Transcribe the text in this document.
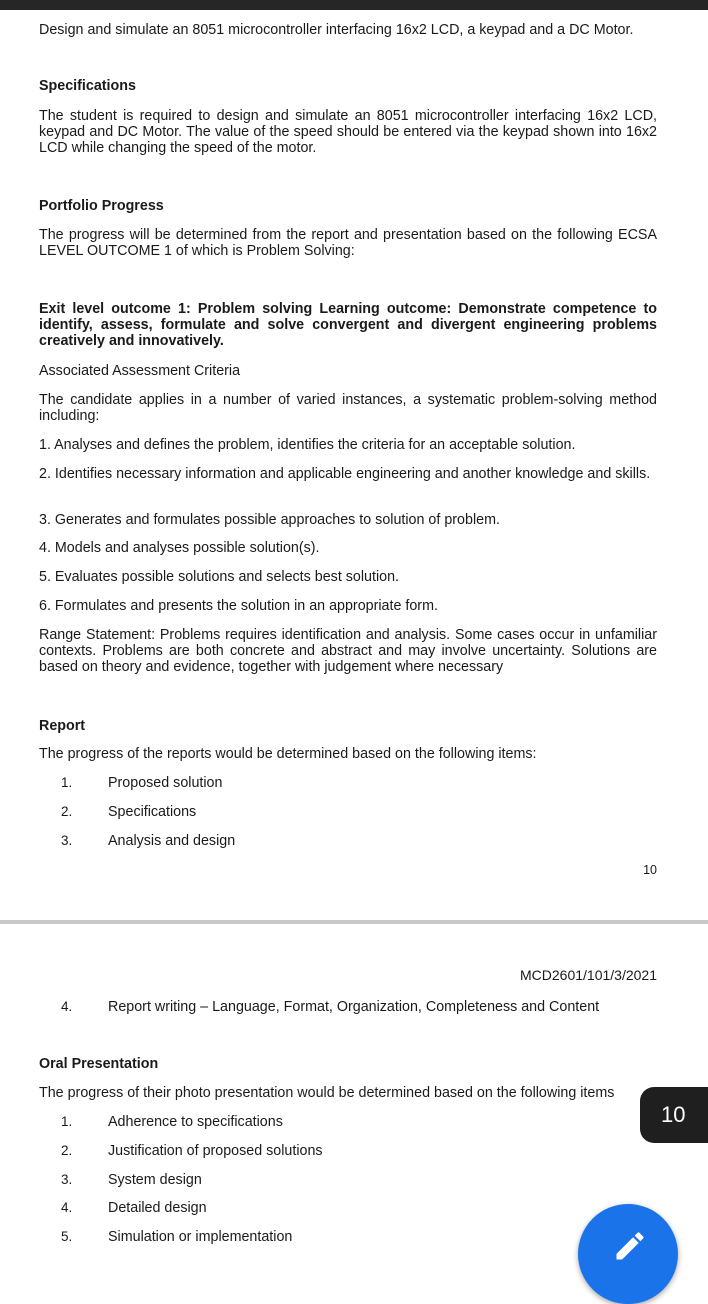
Design and simulate an 8051 microcontroller interfacing 16x2 LCD, a keypad and a DC Motor.
Specifications
The student is required to design and simulate an 8051 microcontroller interfacing 16x2 LCD, keypad and DC Motor. The value of the speed should be entered via the keypad shown into 16x2 LCD while changing the speed of the motor.
Portfolio Progress
The progress will be determined from the report and presentation based on the following ECSA LEVEL OUTCOME 1 of which is Problem Solving:
Exit level outcome 1: Problem solving Learning outcome: Demonstrate competence to identify, assess, formulate and solve convergent and divergent engineering problems creatively and innovatively.
Associated Assessment Criteria
The candidate applies in a number of varied instances, a systematic problem-solving method including:
1. Analyses and defines the problem, identifies the criteria for an acceptable solution.
2. Identifies necessary information and applicable engineering and another knowledge and skills.
3. Generates and formulates possible approaches to solution of problem.
4. Models and analyses possible solution(s).
5. Evaluates possible solutions and selects best solution.
6. Formulates and presents the solution in an appropriate form.
Range Statement: Problems requires identification and analysis. Some cases occur in unfamiliar contexts. Problems are both concrete and abstract and may involve uncertainty. Solutions are based on theory and evidence, together with judgement where necessary
Report
The progress of the reports would be determined based on the following items:
1. Proposed solution
2. Specifications
3. Analysis and design
10
MCD2601/101/3/2021
4. Report writing – Language, Format, Organization, Completeness and Content
Oral Presentation
The progress of their photo presentation would be determined based on the following items
1. Adherence to specifications
2. Justification of proposed solutions
3. System design
4. Detailed design
5. Simulation or implementation
10
